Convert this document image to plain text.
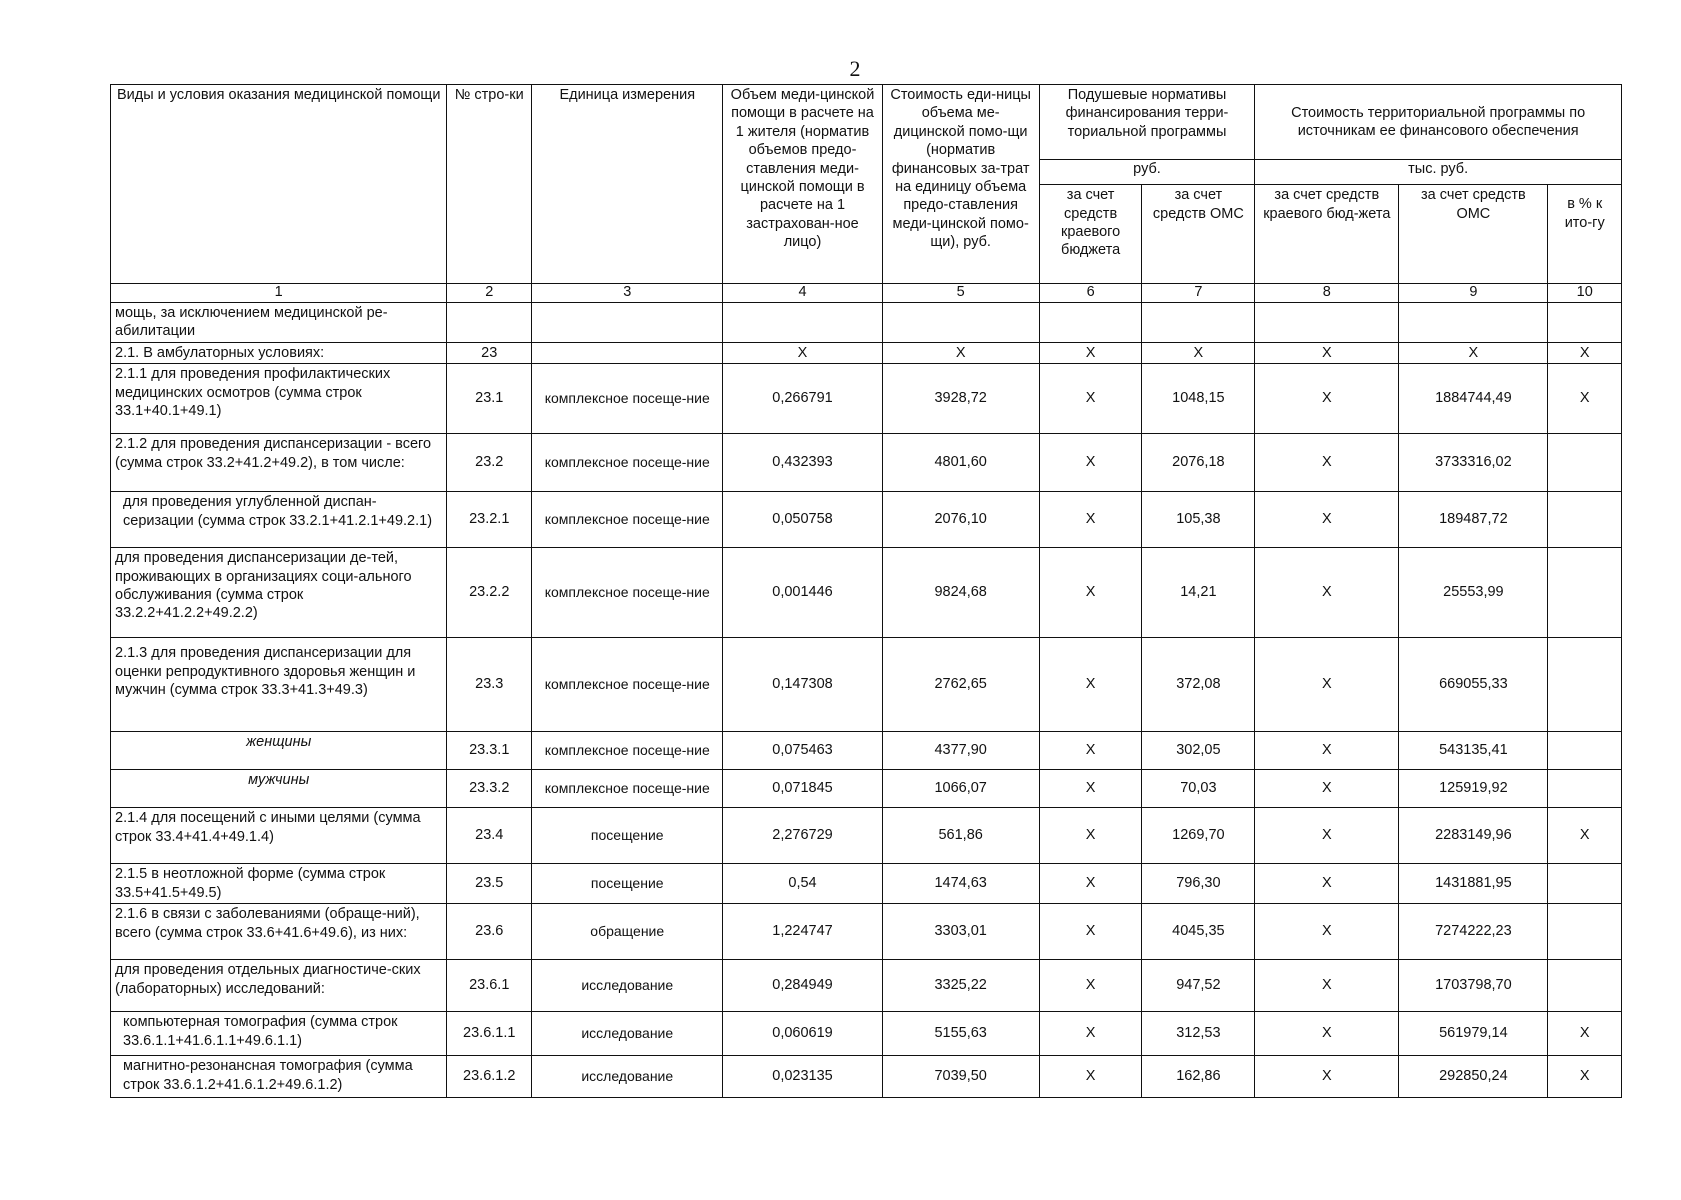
2
Виды и условия оказания медицинской помощи	№ стро-ки	Единица измерения	Объем меди-цинской помощи в расчете на 1 жителя (норматив объемов предо-ставления меди-цинской помощи в расчете на 1 застрахован-ное лицо)	Стоимость еди-ницы объема ме-дицинской помо-щи (норматив финансовых за-трат на единицу объема предо-ставления меди-цинской помо-щи), руб.	Подушевые нормативы финансирования терри-ториальной программы		Стоимость территориальной программы по источникам ее финансового обеспечения		
					руб.		тыс. руб.		
					за счет средств краевого бюджета	за счет средств ОМС	за счет средств краевого бюд-жета	за счет средств ОМС	в % к ито-гу
1	2	3	4	5	6	7	8	9	10
мощь, за исключением медицинской ре-абилитации									
2.1. В амбулаторных условиях:	23		X	X	X	X	X	X	X
2.1.1 для проведения профилактических медицинских осмотров (сумма строк 33.1+40.1+49.1)	23.1	комплексное посеще-ние	0,266791	3928,72	X	1048,15	X	1884744,49	X
2.1.2 для проведения диспансеризации - всего (сумма строк 33.2+41.2+49.2), в том числе:	23.2	комплексное посеще-ние	0,432393	4801,60	X	2076,18	X	3733316,02	
для проведения углубленной диспан-серизации (сумма строк 33.2.1+41.2.1+49.2.1)	23.2.1	комплексное посеще-ние	0,050758	2076,10	X	105,38	X	189487,72	
для проведения диспансеризации де-тей, проживающих в организациях соци-ального обслуживания (сумма строк 33.2.2+41.2.2+49.2.2)	23.2.2	комплексное посеще-ние	0,001446	9824,68	X	14,21	X	25553,99	
2.1.3 для проведения диспансеризации для оценки репродуктивного здоровья женщин и мужчин (сумма строк 33.3+41.3+49.3)	23.3	комплексное посеще-ние	0,147308	2762,65	X	372,08	X	669055,33	
женщины	23.3.1	комплексное посеще-ние	0,075463	4377,90	X	302,05	X	543135,41	
мужчины	23.3.2	комплексное посеще-ние	0,071845	1066,07	X	70,03	X	125919,92	
2.1.4 для посещений с иными целями (сумма строк 33.4+41.4+49.1.4)	23.4	посещение	2,276729	561,86	X	1269,70	X	2283149,96	X
2.1.5 в неотложной форме (сумма строк 33.5+41.5+49.5)	23.5	посещение	0,54	1474,63	X	796,30	X	1431881,95	
2.1.6 в связи с заболеваниями (обраще-ний), всего (сумма строк 33.6+41.6+49.6), из них:	23.6	обращение	1,224747	3303,01	X	4045,35	X	7274222,23	
для проведения отдельных диагностиче-ских (лабораторных) исследований:	23.6.1	исследование	0,284949	3325,22	X	947,52	X	1703798,70	
компьютерная томография (сумма строк 33.6.1.1+41.6.1.1+49.6.1.1)	23.6.1.1	исследование	0,060619	5155,63	X	312,53	X	561979,14	X
магнитно-резонансная томография (сумма строк 33.6.1.2+41.6.1.2+49.6.1.2)	23.6.1.2	исследование	0,023135	7039,50	X	162,86	X	292850,24	X
